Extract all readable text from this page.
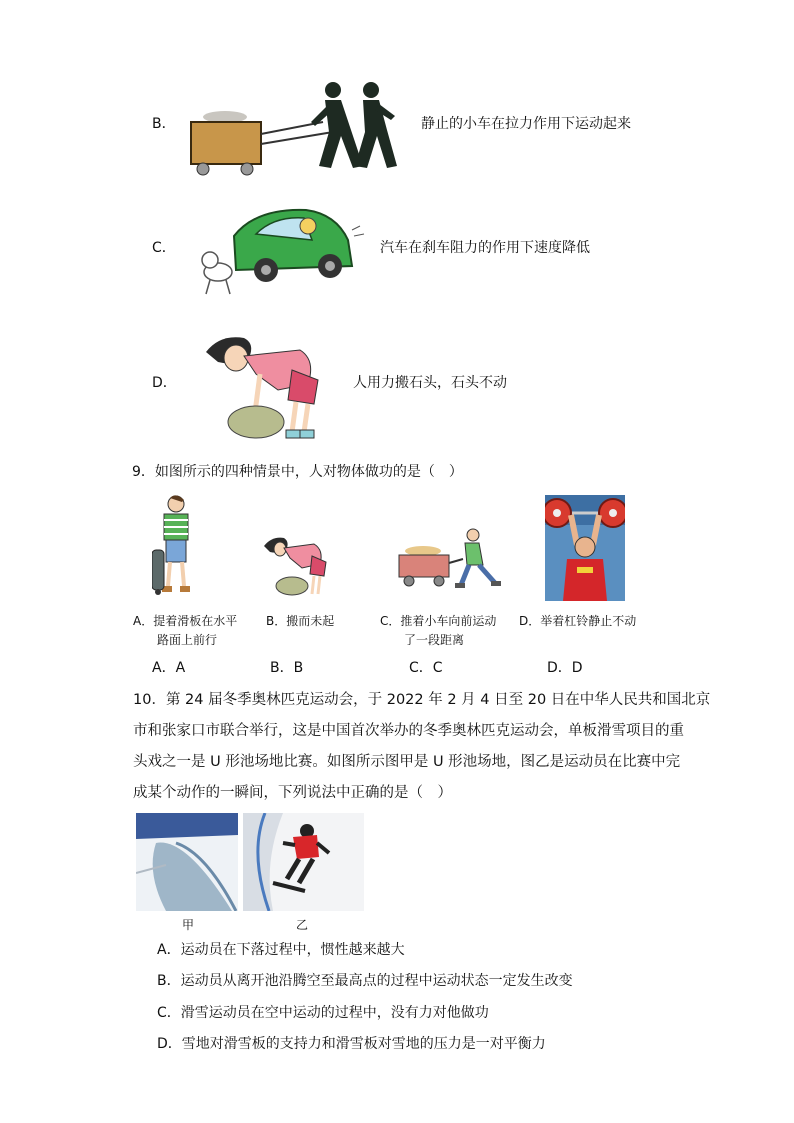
B．	静止的小车在拉力作用下运动起来
C．	汽车在刹车阻力的作用下速度降低
D．	人用力搬石头，石头不动
9．如图所示的四种情景中，人对物体做功的是（　）
A．提着滑板在水平
路面上前行
B．搬而未起	C．推着小车向前运动
了一段距离
D．举着杠铃静止不动
A．A	B．B	C．C	D．D
10．第 24 届冬季奥林匹克运动会，于 2022 年 2 月 4 日至 20 日在中华人民共和国北京
市和张家口市联合举行，这是中国首次举办的冬季奥林匹克运动会，单板滑雪项目的重
头戏之一是 U 形池场地比赛。如图所示图甲是 U 形池场地，图乙是运动员在比赛中完
成某个动作的一瞬间，下列说法中正确的是（　）
甲	乙
A．运动员在下落过程中，惯性越来越大
B．运动员从离开池沿腾空至最高点的过程中运动状态一定发生改变
C．滑雪运动员在空中运动的过程中，没有力对他做功
D．雪地对滑雪板的支持力和滑雪板对雪地的压力是一对平衡力
